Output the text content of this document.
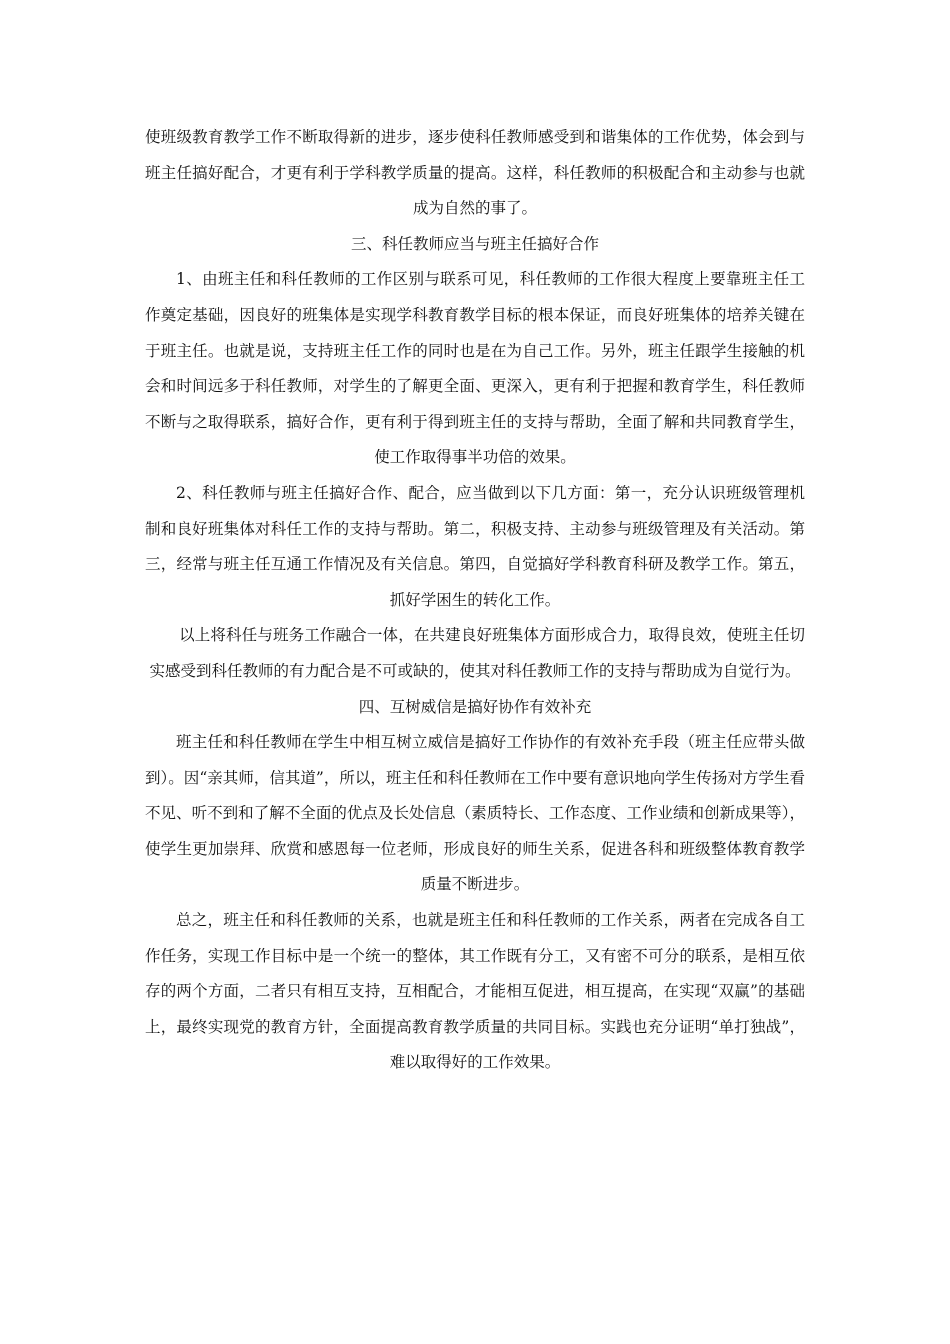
使班级教育教学工作不断取得新的进步，逐步使科任教师感受到和谐集体的工作优势，体会到与班主任搞好配合，才更有利于学科教学质量的提高。这样，科任教师的积极配合和主动参与也就成为自然的事了。

三、科任教师应当与班主任搞好合作

1、由班主任和科任教师的工作区别与联系可见，科任教师的工作很大程度上要靠班主任工作奠定基础，因良好的班集体是实现学科教育教学目标的根本保证，而良好班集体的培养关键在于班主任。也就是说，支持班主任工作的同时也是在为自己工作。另外，班主任跟学生接触的机会和时间远多于科任教师，对学生的了解更全面、更深入，更有利于把握和教育学生，科任教师不断与之取得联系，搞好合作，更有利于得到班主任的支持与帮助，全面了解和共同教育学生，使工作取得事半功倍的效果。

2、科任教师与班主任搞好合作、配合，应当做到以下几方面：第一，充分认识班级管理机制和良好班集体对科任工作的支持与帮助。第二，积极支持、主动参与班级管理及有关活动。第三，经常与班主任互通工作情况及有关信息。第四，自觉搞好学科教育科研及教学工作。第五，抓好学困生的转化工作。

以上将科任与班务工作融合一体，在共建良好班集体方面形成合力，取得良效，使班主任切实感受到科任教师的有力配合是不可或缺的，使其对科任教师工作的支持与帮助成为自觉行为。

四、互树威信是搞好协作有效补充

班主任和科任教师在学生中相互树立威信是搞好工作协作的有效补充手段（班主任应带头做到）。因“亲其师，信其道”，所以，班主任和科任教师在工作中要有意识地向学生传扬对方学生看不见、听不到和了解不全面的优点及长处信息（素质特长、工作态度、工作业绩和创新成果等），使学生更加崇拜、欣赏和感恩每一位老师，形成良好的师生关系，促进各科和班级整体教育教学质量不断进步。

总之，班主任和科任教师的关系，也就是班主任和科任教师的工作关系，两者在完成各自工作任务，实现工作目标中是一个统一的整体，其工作既有分工，又有密不可分的联系，是相互依存的两个方面，二者只有相互支持，互相配合，才能相互促进，相互提高，在实现“双赢”的基础上，最终实现党的教育方针，全面提高教育教学质量的共同目标。实践也充分证明“单打独战”，难以取得好的工作效果。
